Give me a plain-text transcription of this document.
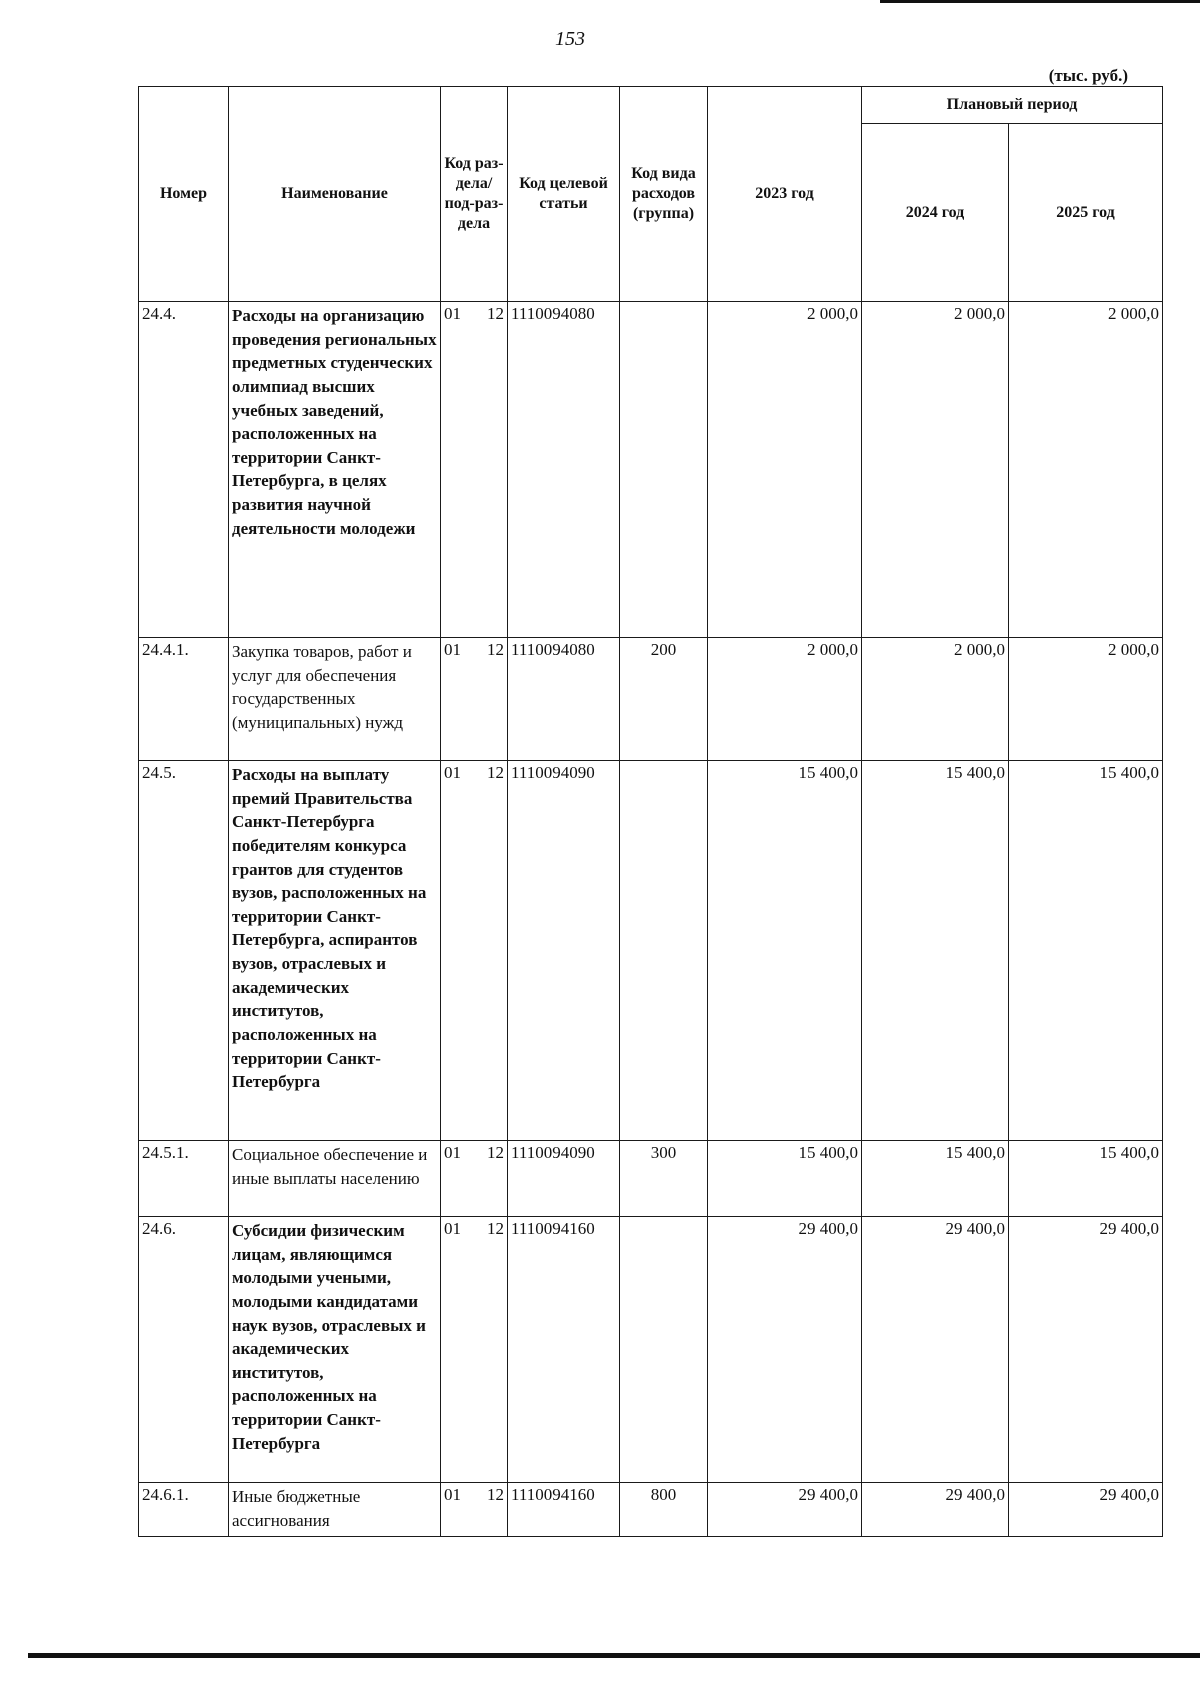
153
(тыс. руб.)
Номер	Наименование	Код раз-дела/ под-раз-дела	Код целевой статьи	Код вида расходов (группа)	2023 год	Плановый период	
						2024 год	2025 год
24.4.	Расходы на организацию проведения региональных предметных студенческих олимпиад высших учебных заведений, расположенных на территории Санкт-Петербурга, в целях развития научной деятельности молодежи	01 12	1110094080		2 000,0	2 000,0	2 000,0
24.4.1.	Закупка товаров, работ и услуг для обеспечения государственных (муниципальных) нужд	01 12	1110094080	200	2 000,0	2 000,0	2 000,0
24.5.	Расходы на выплату премий Правительства Санкт-Петербурга победителям конкурса грантов для студентов вузов, расположенных на территории Санкт-Петербурга, аспирантов вузов, отраслевых и академических институтов, расположенных на территории Санкт-Петербурга	01 12	1110094090		15 400,0	15 400,0	15 400,0
24.5.1.	Социальное обеспечение и иные выплаты населению	01 12	1110094090	300	15 400,0	15 400,0	15 400,0
24.6.	Субсидии физическим лицам, являющимся молодыми учеными, молодыми кандидатами наук вузов, отраслевых и академических институтов, расположенных на территории Санкт-Петербурга	01 12	1110094160		29 400,0	29 400,0	29 400,0
24.6.1.	Иные бюджетные ассигнования	01 12	1110094160	800	29 400,0	29 400,0	29 400,0
